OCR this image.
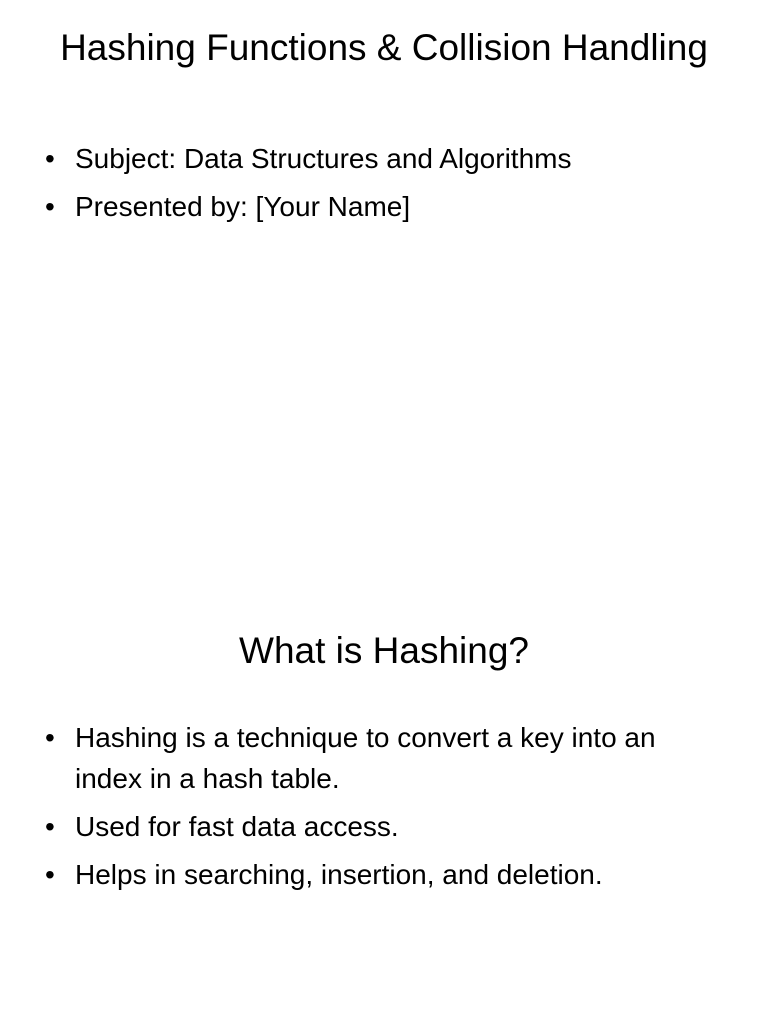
Hashing Functions & Collision Handling
• Subject: Data Structures and Algorithms
• Presented by: [Your Name]
What is Hashing?
• Hashing is a technique to convert a key into an index in a hash table.
• Used for fast data access.
• Helps in searching, insertion, and deletion.
